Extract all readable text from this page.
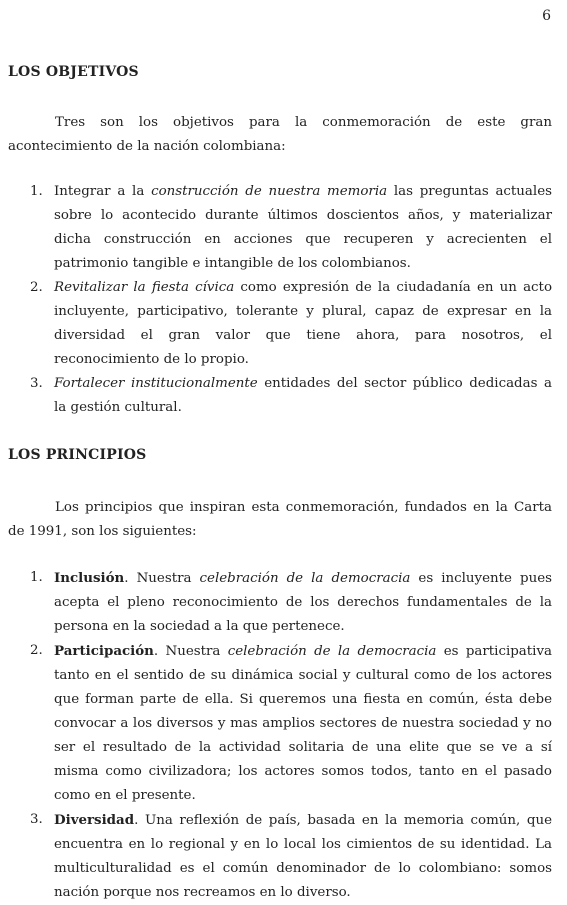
6
LOS OBJETIVOS

Tres son los objetivos para la conmemoración de este gran acontecimiento de la nación colombiana:

1. Integrar a la construcción de nuestra memoria las preguntas actuales sobre lo acontecido durante últimos doscientos años, y materializar dicha construcción en acciones que recuperen y acrecienten el patrimonio tangible e intangible de los colombianos.
2. Revitalizar la fiesta cívica como expresión de la ciudadanía en un acto incluyente, participativo, tolerante y plural, capaz de expresar en la diversidad el gran valor que tiene ahora, para nosotros, el reconocimiento de lo propio.
3. Fortalecer institucionalmente entidades del sector público dedicadas a la gestión cultural.
LOS PRINCIPIOS

Los principios que inspiran esta conmemoración, fundados en la Carta de 1991, son los siguientes:

1. Inclusión. Nuestra celebración de la democracia es incluyente pues acepta el pleno reconocimiento de los derechos fundamentales de la persona en la sociedad a la que pertenece.
2. Participación. Nuestra celebración de la democracia es participativa tanto en el sentido de su dinámica social y cultural como de los actores que forman parte de ella. Si queremos una fiesta en común, ésta debe convocar a los diversos y mas amplios sectores de nuestra sociedad y no ser el resultado de la actividad solitaria de una elite que se ve a sí misma como civilizadora; los actores somos todos, tanto en el pasado como en el presente.
3. Diversidad. Una reflexión de país, basada en la memoria común, que encuentra en lo regional y en lo local los cimientos de su identidad. La multiculturalidad es el común denominador de lo colombiano: somos nación porque nos recreamos en lo diverso.
